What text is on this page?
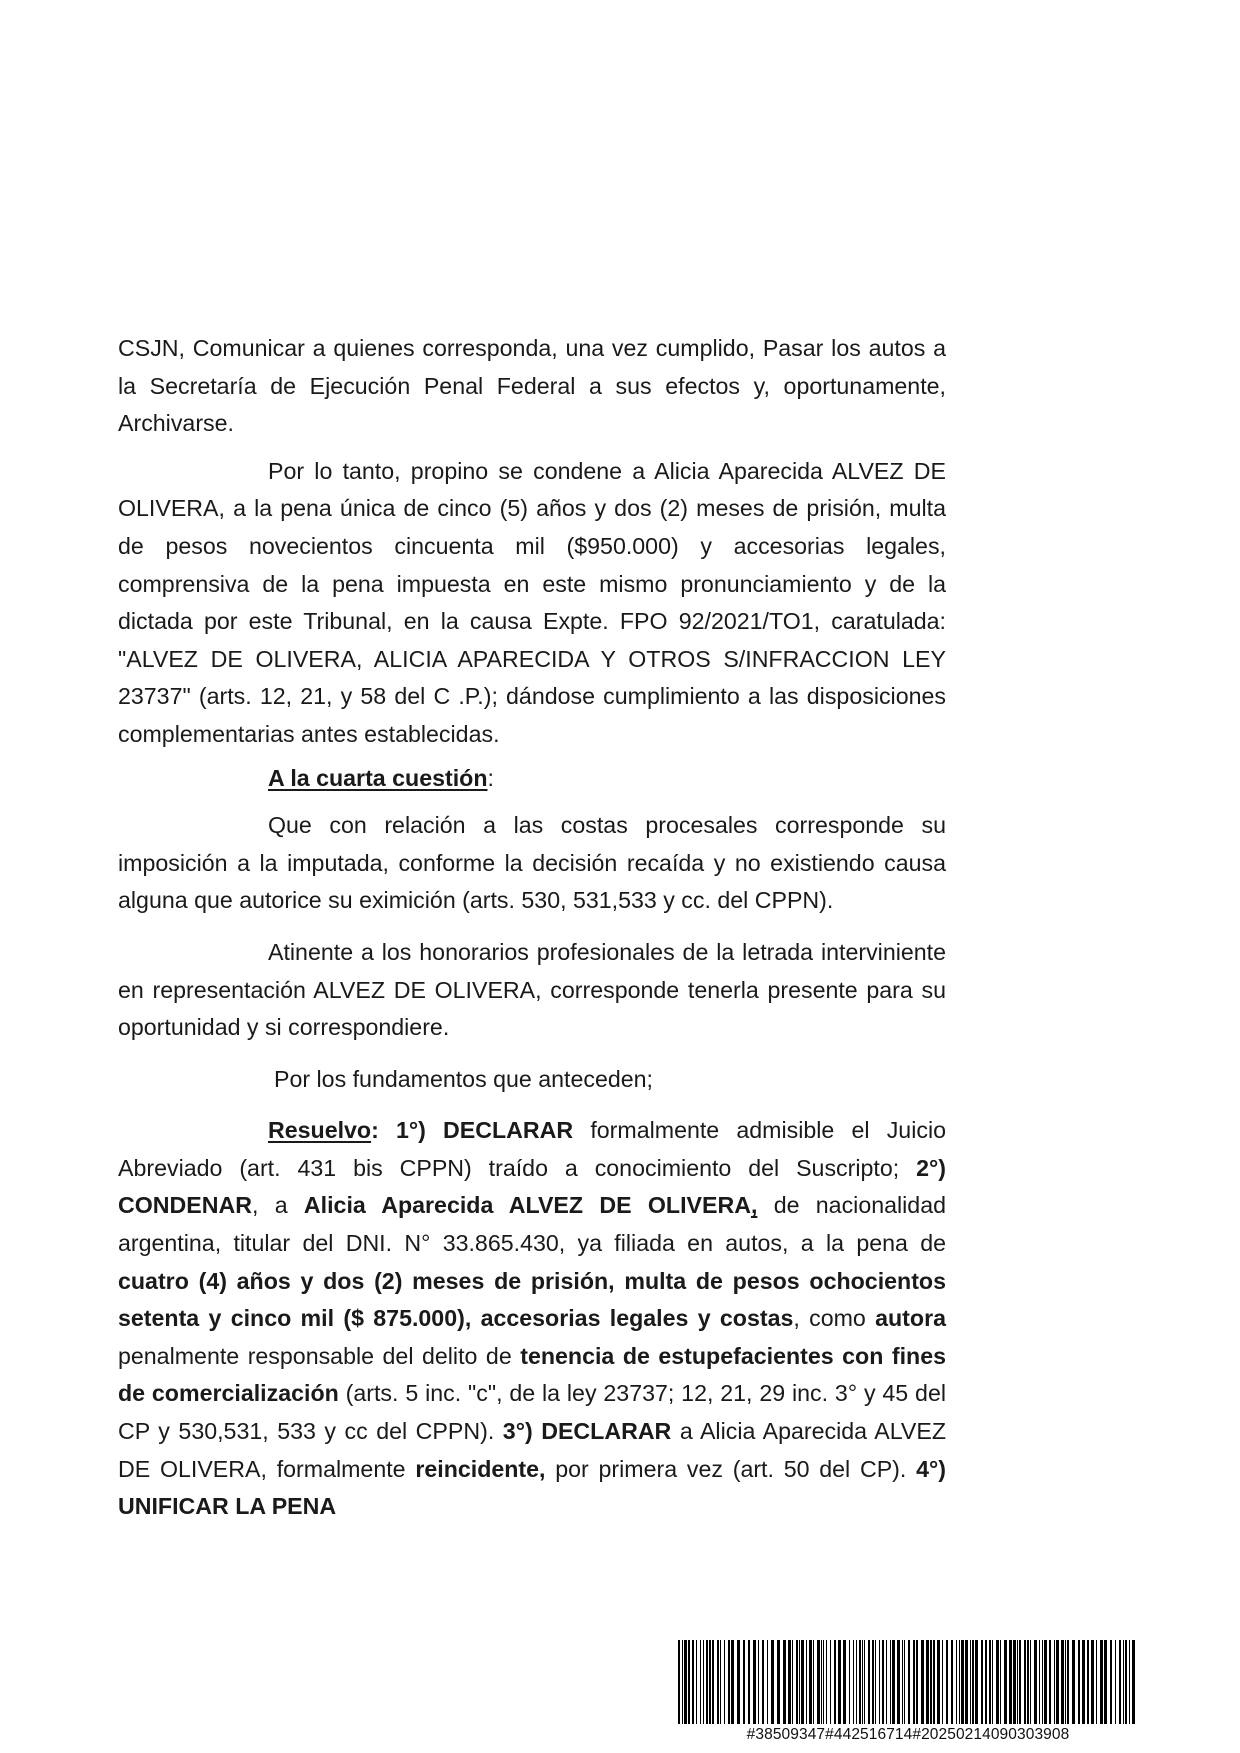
CSJN, Comunicar a quienes corresponda, una vez cumplido, Pasar los autos a la Secretaría de Ejecución Penal Federal a sus efectos y, oportunamente, Archivarse.

Por lo tanto, propino se condene a Alicia Aparecida ALVEZ DE OLIVERA, a la pena única de cinco (5) años y dos (2) meses de prisión, multa de pesos novecientos cincuenta mil ($950.000) y accesorias legales, comprensiva de la pena impuesta en este mismo pronunciamiento y de la dictada por este Tribunal, en la causa Expte. FPO 92/2021/TO1, caratulada: "ALVEZ DE OLIVERA, ALICIA APARECIDA Y OTROS S/INFRACCION LEY 23737" (arts. 12, 21, y 58 del C .P.); dándose cumplimiento a las disposiciones complementarias antes establecidas.

A la cuarta cuestión:

Que con relación a las costas procesales corresponde su imposición a la imputada, conforme la decisión recaída y no existiendo causa alguna que autorice su eximición (arts. 530, 531,533 y cc. del CPPN).

Atinente a los honorarios profesionales de la letrada interviniente en representación ALVEZ DE OLIVERA, corresponde tenerla presente para su oportunidad y si correspondiere.

Por los fundamentos que anteceden;

Resuelvo: 1°) DECLARAR formalmente admisible el Juicio Abreviado (art. 431 bis CPPN) traído a conocimiento del Suscripto; 2°) CONDENAR, a Alicia Aparecida ALVEZ DE OLIVERA, de nacionalidad argentina, titular del DNI. N° 33.865.430, ya filiada en autos, a la pena de cuatro (4) años y dos (2) meses de prisión, multa de pesos ochocientos setenta y cinco mil ($ 875.000), accesorias legales y costas, como autora penalmente responsable del delito de tenencia de estupefacientes con fines de comercialización (arts. 5 inc. "c", de la ley 23737; 12, 21, 29 inc. 3° y 45 del CP y 530,531, 533 y cc del CPPN). 3°) DECLARAR a Alicia Aparecida ALVEZ DE OLIVERA, formalmente reincidente, por primera vez (art. 50 del CP). 4°) UNIFICAR LA PENA

#38509347#442516714#20250214090303908
